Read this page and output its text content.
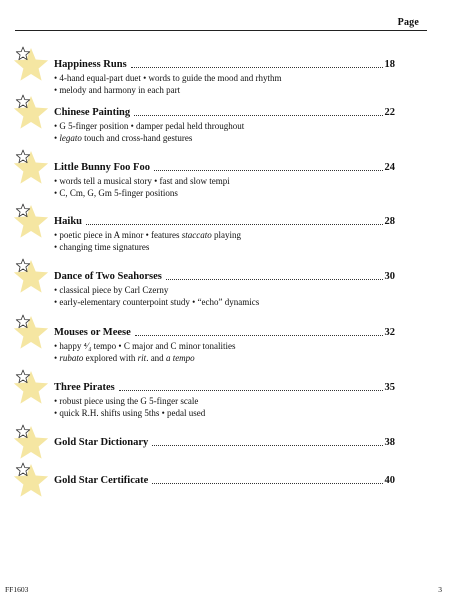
Page
Happiness Runs	18
• 4-hand equal-part duet • words to guide the mood and rhythm
• melody and harmony in each part
Chinese Painting	22
• G 5-finger position • damper pedal held throughout
• legato touch and cross-hand gestures
Little Bunny Foo Foo	24
• words tell a musical story • fast and slow tempi
• C, Cm, G, Gm 5-finger positions
Haiku	28
• poetic piece in A minor • features staccato playing
• changing time signatures
Dance of Two Seahorses	30
• classical piece by Carl Czerny
• early-elementary counterpoint study • “echo” dynamics
Mouses or Meese	32
• happy ⁴⁄₄ tempo • C major and C minor tonalities
• rubato explored with rit. and a tempo
Three Pirates	35
• robust piece using the G 5-finger scale
• quick R.H. shifts using 5ths • pedal used
Gold Star Dictionary	38
Gold Star Certificate	40
FF1603	3
